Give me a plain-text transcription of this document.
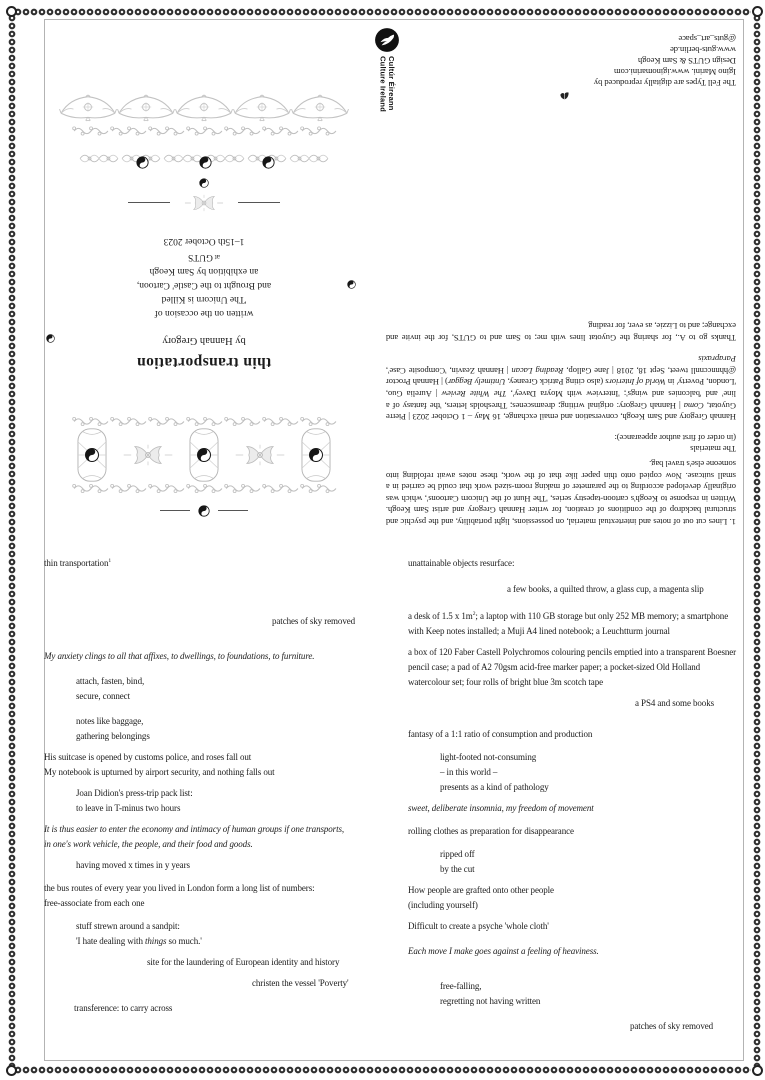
1. Lines cut out of notes and intertextual material, on possessions, light portability, and the psychic and structural backdrop of the conditions of creation, for writer Hannah Gregory and artist Sam Keogh. Written in response to Keogh's cartoon-tapestry series, 'The Hunt of the Unicorn Cartoons', which was originally developed according to the parameter of making room-sized work that could be carried in a small suitcase. Now copied onto thin paper like that of the work, these notes await refolding into someone else's travel bag.

The materials
(in order of first author appearance):

Hannah Gregory and Sam Keogh, conversation and email exchange, 16 May – 1 October 2023 | Pierre Guyotat, Coma | Hannah Gregory: original writing; dreamscenes; Thresholds letters, 'the fantasy of a line' and 'balconies and wings'; 'Interview with Moyra Davey', The White Review | Aurelia Guo, 'London, Poverty' in World of Interiors (also citing Patrick Greaney, Untimely Beggar) | Hannah Proctor @hhnnccnnll tweet, Sept 18, 2018 | Jane Gallop, Reading Lacan | Hannah Zeavin, 'Composite Case', Parapraxis

Thanks go to A., for sharing the Guyotat lines with me; to Sam and to GUTS, for the invite and exchange; and to Lizzie, as ever, for reading

The Fell Types are digitally reproduced by
Igino Marini. www.iginomarini.com
Design GUTS & Sam Keogh
www.guts-berlin.de
@guts_art_space
Cultúr Éireann
Culture Ireland
thin transportation
by Hannah Gregory
written on the occasion of
'The Unicorn is Killed
and Brought to the Castle' Cartoon,
an exhibition by Sam Keogh
at GUTS
1–15th October 2023
thin transportation$^1$
patches of sky removed
My anxiety clings to all that affixes, to dwellings, to foundations, to furniture.
attach, fasten, bind,
secure, connect
notes like baggage,
gathering belongings
His suitcase is opened by customs police, and roses fall out
My notebook is upturned by airport security, and nothing falls out
Joan Didion's press-trip pack list:
to leave in T-minus two hours
It is thus easier to enter the economy and intimacy of human groups if one transports,
in one's work vehicle, the people, and their food and goods.
having moved x times in y years
the bus routes of every year you lived in London form a long list of numbers:
free-associate from each one
stuff strewn around a sandpit:
'I hate dealing with things so much.'
site for the laundering of European identity and history
christen the vessel 'Poverty'
transference: to carry across
unattainable objects resurface:
a few books, a quilted throw, a glass cup, a magenta slip
a desk of 1.5 x $1m^2$; a laptop with 110 GB storage but only 252 MB memory; a smartphone with Keep notes installed; a Muji A4 lined notebook; a Leuchtturm journal
a box of 120 Faber Castell Polychromos colouring pencils emptied into a transparent Boesner pencil case; a pad of A2 70gsm acid-free marker paper; a pocket-sized Old Holland watercolour set; four rolls of bright blue 3m scotch tape
a PS4 and some books
fantasy of a 1:1 ratio of consumption and production
light-footed not-consuming
– in this world –
presents as a kind of pathology
sweet, deliberate insomnia, my freedom of movement
rolling clothes as preparation for disappearance
ripped off
by the cut
How people are grafted onto other people
(including yourself)
Difficult to create a psyche 'whole cloth'
Each move I make goes against a feeling of heaviness.
free-falling,
regretting not having written
patches of sky removed
